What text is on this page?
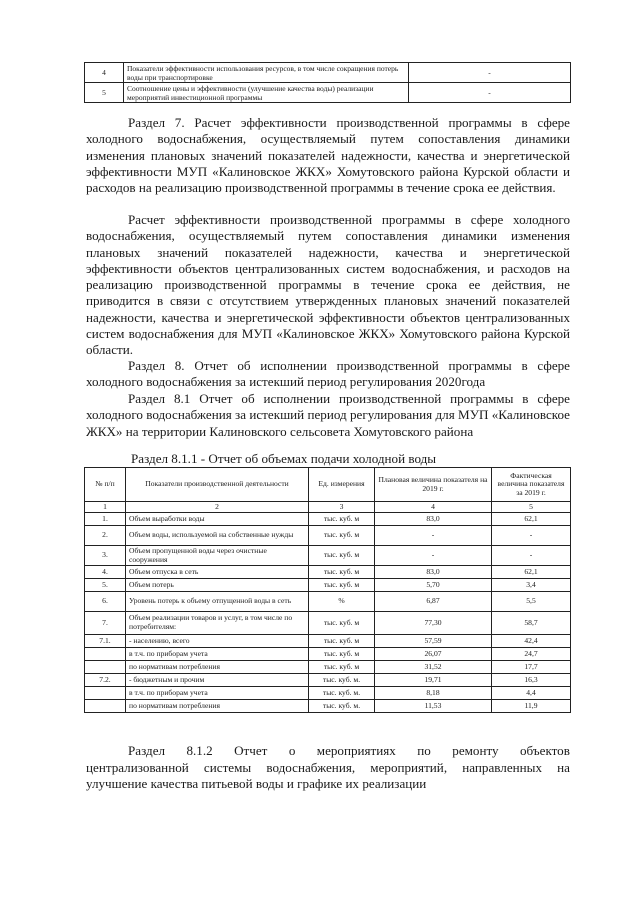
4	Показатели эффективности использования ресурсов, в том числе сокращения потерь воды при транспортировке	-
5	Соотношение цены и эффективности (улучшение качества воды) реализации мероприятий инвестиционной программы	-

Раздел 7. Расчет эффективности производственной программы в сфере холодного водоснабжения, осуществляемый путем сопоставления динамики изменения плановых значений показателей надежности, качества и энергетической эффективности МУП «Калиновское ЖКХ» Хомутовского района Курской области и расходов на реализацию производственной программы в течение срока ее действия.

Расчет эффективности производственной программы в сфере холодного водоснабжения, осуществляемый путем сопоставления динамики изменения плановых значений показателей надежности, качества и энергетической эффективности объектов централизованных систем водоснабжения, и расходов на реализацию производственной программы в течение срока ее действия, не приводится в связи с отсутствием утвержденных плановых значений показателей надежности, качества и энергетической эффективности объектов централизованных систем водоснабжения для МУП «Калиновское ЖКХ» Хомутовского района Курской области.

Раздел 8. Отчет об исполнении производственной программы в сфере холодного водоснабжения за истекший период регулирования 2020года

Раздел 8.1 Отчет об исполнении производственной программы в сфере холодного водоснабжения за истекший период регулирования для МУП «Калиновское ЖКХ» на территории Калиновского сельсовета Хомутовского района

Раздел 8.1.1 - Отчет об объемах подачи холодной воды

№ п/п	Показатели производственной деятельности	Ед. измерения	Плановая величина показателя на 2019 г.	Фактическая величина показателя за 2019 г.
1	2	3	4	5
1.	Объем выработки воды	тыс. куб. м	83,0	62,1
2.	Объем воды, используемой на собственные нужды	тыс. куб. м	-	-
3.	Объем пропущенной воды через очистные сооружения	тыс. куб. м	-	-
4.	Объем отпуска в сеть	тыс. куб. м	83,0	62,1
5.	Объем потерь	тыс. куб. м	5,70	3,4
6.	Уровень потерь к объему отпущенной воды в сеть	%	6,87	5,5
7.	Объем реализации товаров и услуг, в том числе по потребителям:	тыс. куб. м	77,30	58,7
7.1.	- населению, всего	тыс. куб. м	57,59	42,4
	в т.ч. по приборам учета	тыс. куб. м	26,07	24,7
	по нормативам потребления	тыс. куб. м	31,52	17,7
7.2.	- бюджетным и прочим	тыс. куб. м.	19,71	16,3
	в т.ч. по приборам учета	тыс. куб. м.	8,18	4,4
	по нормативам потребления	тыс. куб. м.	11,53	11,9
Раздел 8.1.2 Отчет о мероприятиях по ремонту объектов
централизованной системы водоснабжения, мероприятий, направленных на улучшение качества питьевой воды и графике их реализации
